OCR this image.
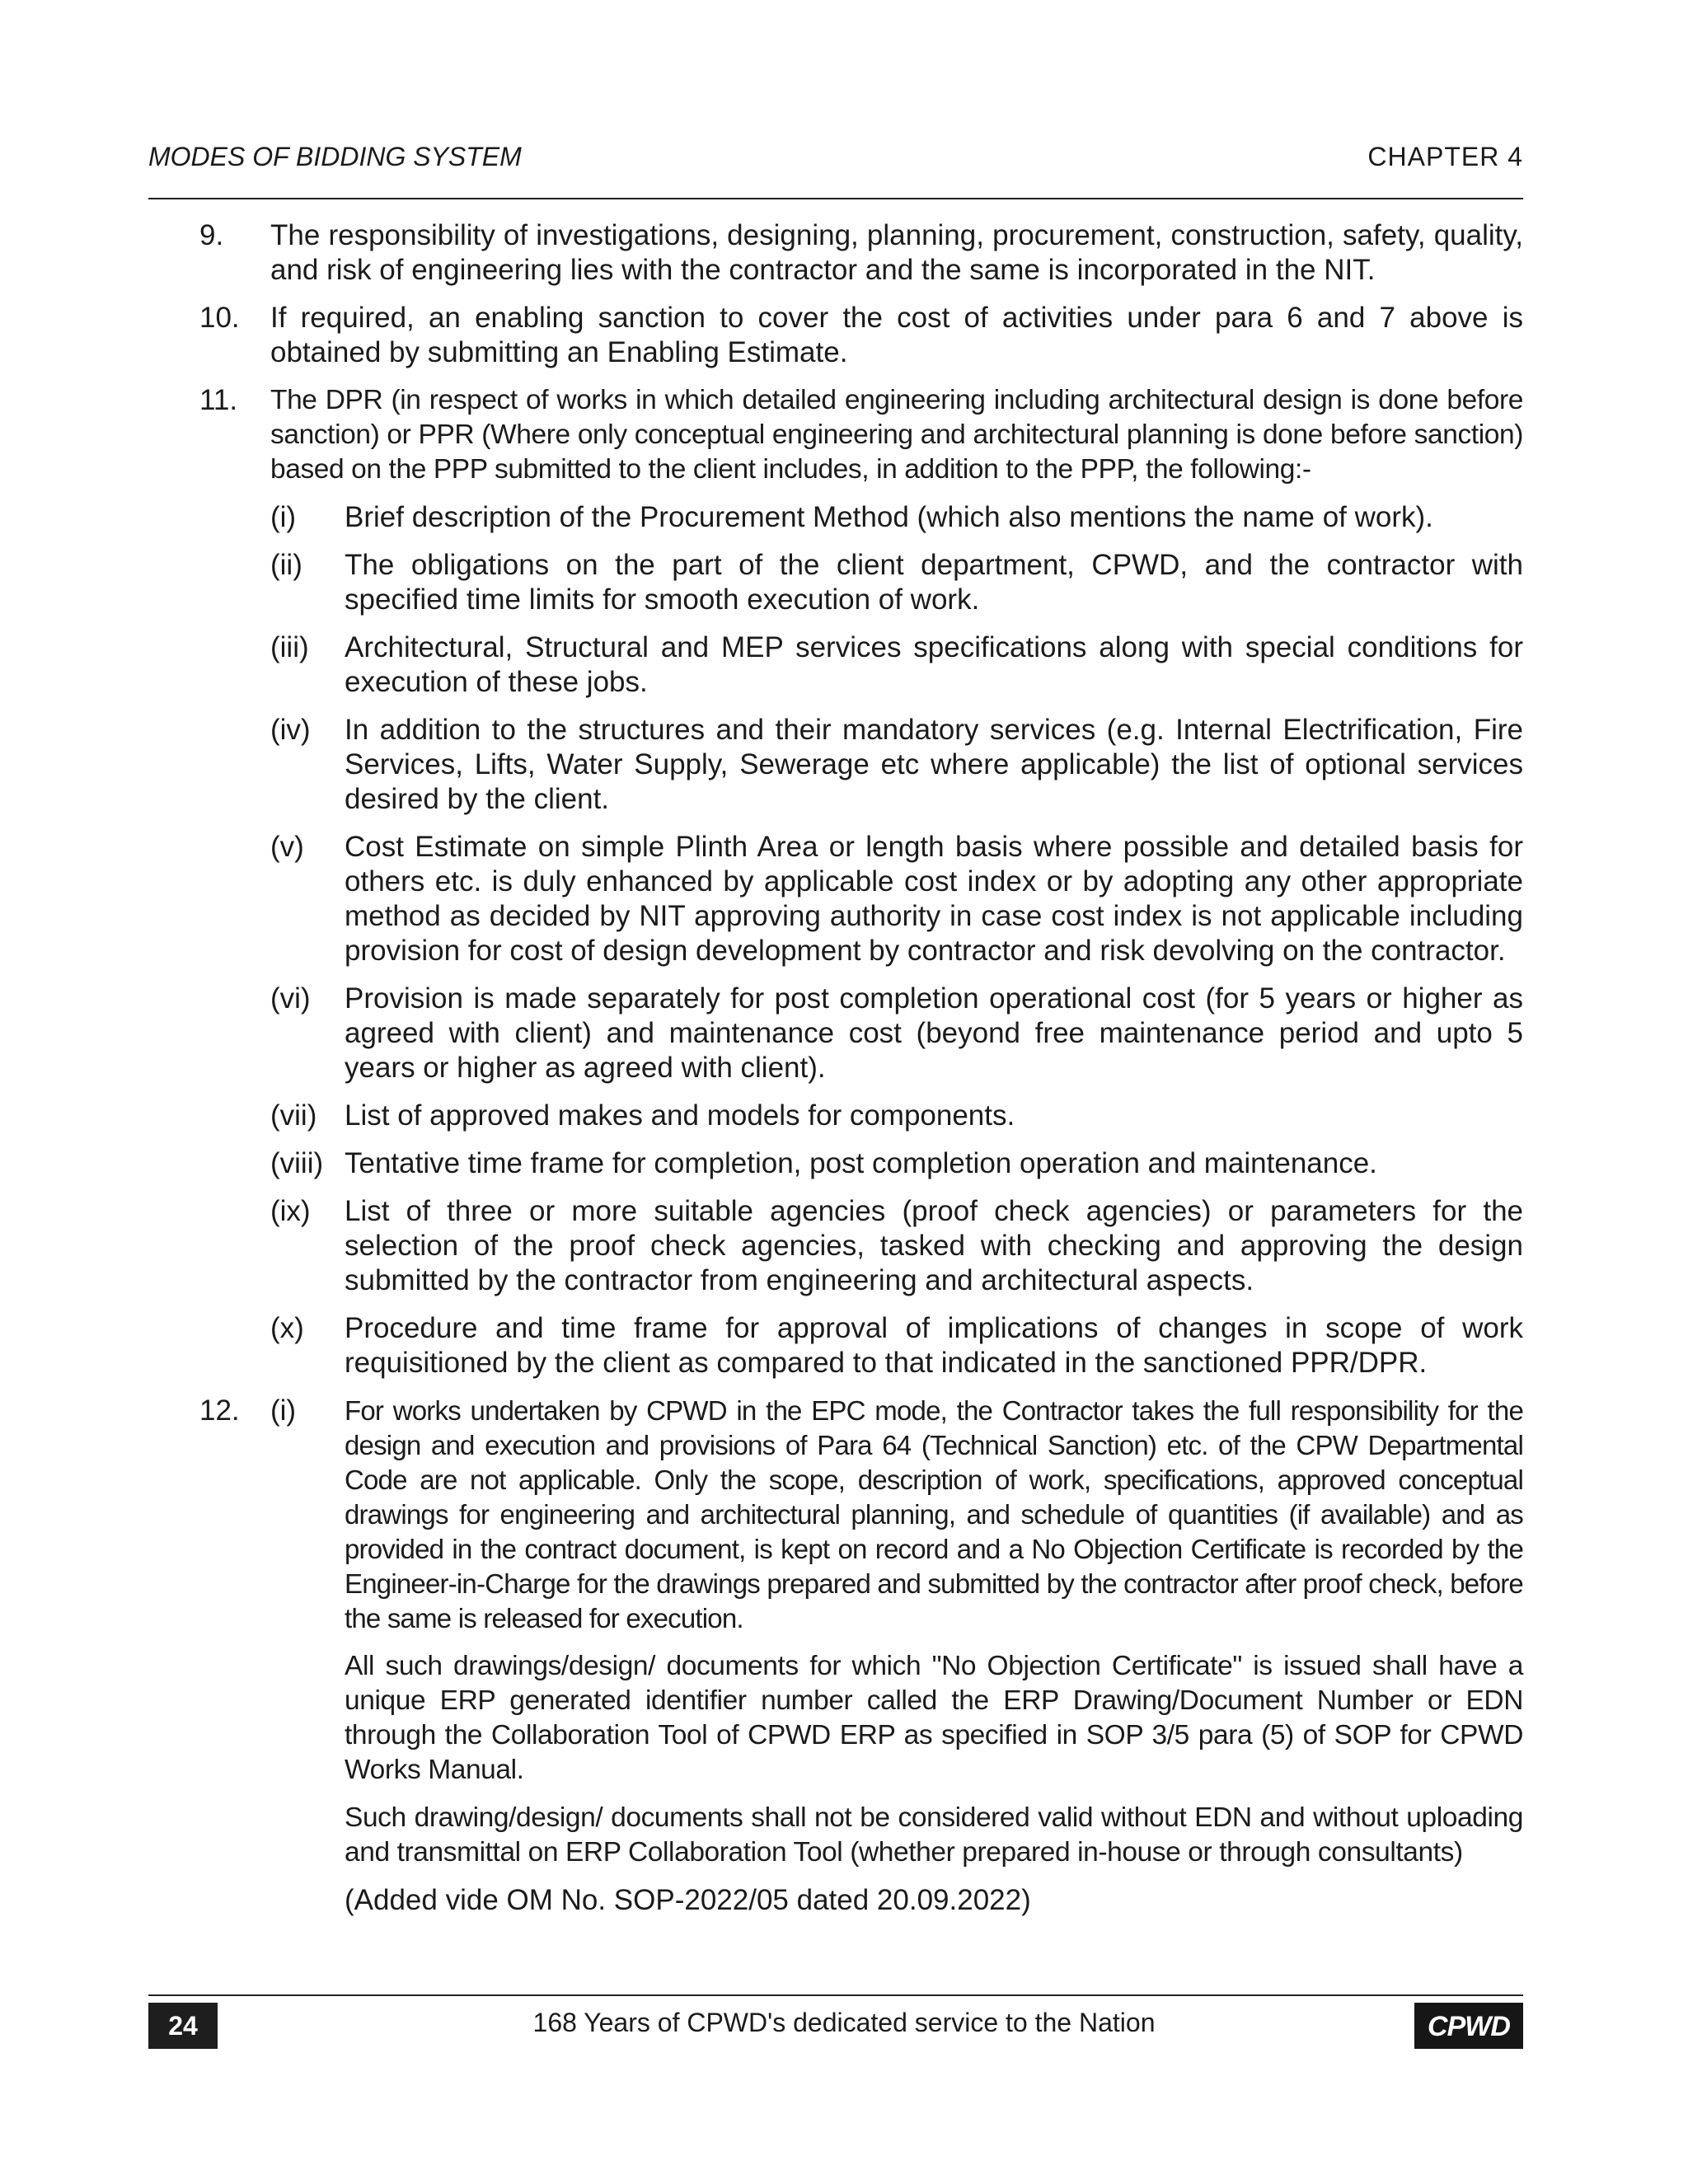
MODES OF BIDDING SYSTEM	CHAPTER 4
9. The responsibility of investigations, designing, planning, procurement, construction, safety, quality, and risk of engineering lies with the contractor and the same is incorporated in the NIT.
10. If required, an enabling sanction to cover the cost of activities under para 6 and 7 above is obtained by submitting an Enabling Estimate.
11. The DPR (in respect of works in which detailed engineering including architectural design is done before sanction) or PPR (Where only conceptual engineering and architectural planning is done before sanction) based on the PPP submitted to the client includes, in addition to the PPP, the following:-
(i) Brief description of the Procurement Method (which also mentions the name of work).
(ii) The obligations on the part of the client department, CPWD, and the contractor with specified time limits for smooth execution of work.
(iii) Architectural, Structural and MEP services specifications along with special conditions for execution of these jobs.
(iv) In addition to the structures and their mandatory services (e.g. Internal Electrification, Fire Services, Lifts, Water Supply, Sewerage etc where applicable) the list of optional services desired by the client.
(v) Cost Estimate on simple Plinth Area or length basis where possible and detailed basis for others etc. is duly enhanced by applicable cost index or by adopting any other appropriate method as decided by NIT approving authority in case cost index is not applicable including provision for cost of design development by contractor and risk devolving on the contractor.
(vi) Provision is made separately for post completion operational cost (for 5 years or higher as agreed with client) and maintenance cost (beyond free maintenance period and upto 5 years or higher as agreed with client).
(vii) List of approved makes and models for components.
(viii) Tentative time frame for completion, post completion operation and maintenance.
(ix) List of three or more suitable agencies (proof check agencies) or parameters for the selection of the proof check agencies, tasked with checking and approving the design submitted by the contractor from engineering and architectural aspects.
(x) Procedure and time frame for approval of implications of changes in scope of work requisitioned by the client as compared to that indicated in the sanctioned PPR/DPR.
12. (i) For works undertaken by CPWD in the EPC mode, the Contractor takes the full responsibility for the design and execution and provisions of Para 64 (Technical Sanction) etc. of the CPW Departmental Code are not applicable. Only the scope, description of work, specifications, approved conceptual drawings for engineering and architectural planning, and schedule of quantities (if available) and as provided in the contract document, is kept on record and a No Objection Certificate is recorded by the Engineer-in-Charge for the drawings prepared and submitted by the contractor after proof check, before the same is released for execution.
All such drawings/design/ documents for which "No Objection Certificate" is issued shall have a unique ERP generated identifier number called the ERP Drawing/Document Number or EDN through the Collaboration Tool of CPWD ERP as specified in SOP 3/5 para (5) of SOP for CPWD Works Manual.
Such drawing/design/ documents shall not be considered valid without EDN and without uploading and transmittal on ERP Collaboration Tool (whether prepared in-house or through consultants)
(Added vide OM No. SOP-2022/05 dated 20.09.2022)
24	168 Years of CPWD's dedicated service to the Nation	CPWD
